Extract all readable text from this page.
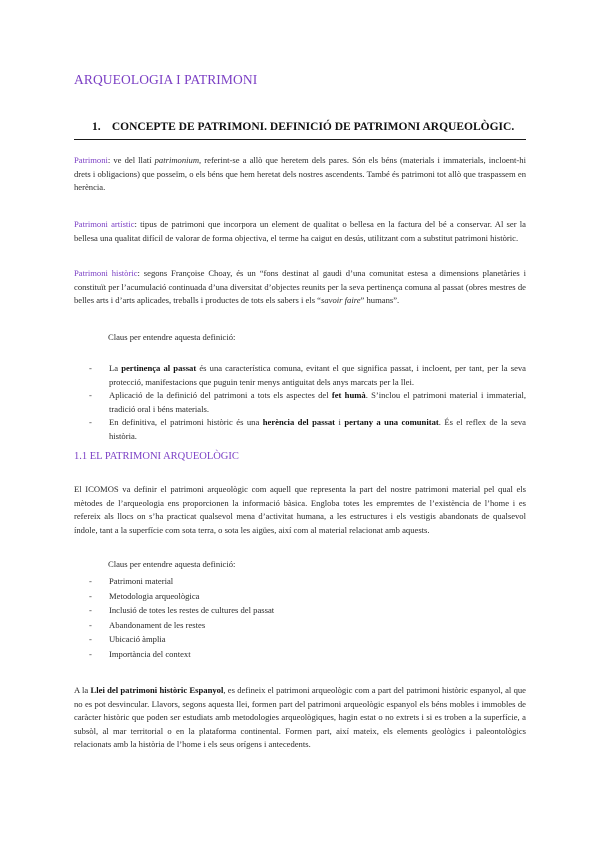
ARQUEOLOGIA I PATRIMONI
1. CONCEPTE DE PATRIMONI. DEFINICIÓ DE PATRIMONI ARQUEOLÒGIC.
Patrimoni: ve del llatí patrimonium, referint-se a allò que heretem dels pares. Són els béns (materials i immaterials, incloent-hi drets i obligacions) que posseïm, o els béns que hem heretat dels nostres ascendents. També és patrimoni tot allò que traspassem en herència.
Patrimoni artístic: tipus de patrimoni que incorpora un element de qualitat o bellesa en la factura del bé a conservar. Al ser la bellesa una qualitat difícil de valorar de forma objectiva, el terme ha caigut en desús, utilitzant com a substitut patrimoni històric.
Patrimoni històric: segons Françoise Choay, és un “fons destinat al gaudi d’una comunitat estesa a dimensions planetàries i constituït per l’acumulació continuada d’una diversitat d’objectes reunits per la seva pertinença comuna al passat (obres mestres de belles arts i d’arts aplicades, treballs i productes de tots els sabers i els “savoir faire” humans”.
Claus per entendre aquesta definició:
- La pertinença al passat és una característica comuna, evitant el que significa passat, i incloent, per tant, per la seva protecció, manifestacions que puguin tenir menys antiguitat dels anys marcats per la llei.
- Aplicació de la definició del patrimoni a tots els aspectes del fet humà. S’inclou el patrimoni material i immaterial, tradició oral i béns materials.
- En definitiva, el patrimoni històric és una herència del passat i pertany a una comunitat. És el reflex de la seva història.
1.1 EL PATRIMONI ARQUEOLÒGIC
El ICOMOS va definir el patrimoni arqueològic com aquell que representa la part del nostre patrimoni material pel qual els mètodes de l’arqueologia ens proporcionen la informació bàsica. Engloba totes les empremtes de l’existència de l’home i es refereix als llocs on s’ha practicat qualsevol mena d’activitat humana, a les estructures i els vestigis abandonats de qualsevol índole, tant a la superfície com sota terra, o sota les aigües, així com al material relacionat amb aquests.
Claus per entendre aquesta definició:
- Patrimoni material
- Metodologia arqueològica
- Inclusió de totes les restes de cultures del passat
- Abandonament de les restes
- Ubicació àmplia
- Importància del context
A la Llei del patrimoni històric Espanyol, es defineix el patrimoni arqueològic com a part del patrimoni històric espanyol, al que no es pot desvincular. Llavors, segons aquesta llei, formen part del patrimoni arqueològic espanyol els béns mobles i immobles de caràcter històric que poden ser estudiats amb metodologies arqueològiques, hagin estat o no extrets i si es troben a la superfície, a subsòl, al mar territorial o en la plataforma continental. Formen part, així mateix, els elements geològics i paleontològics relacionats amb la història de l’home i els seus orígens i antecedents.
